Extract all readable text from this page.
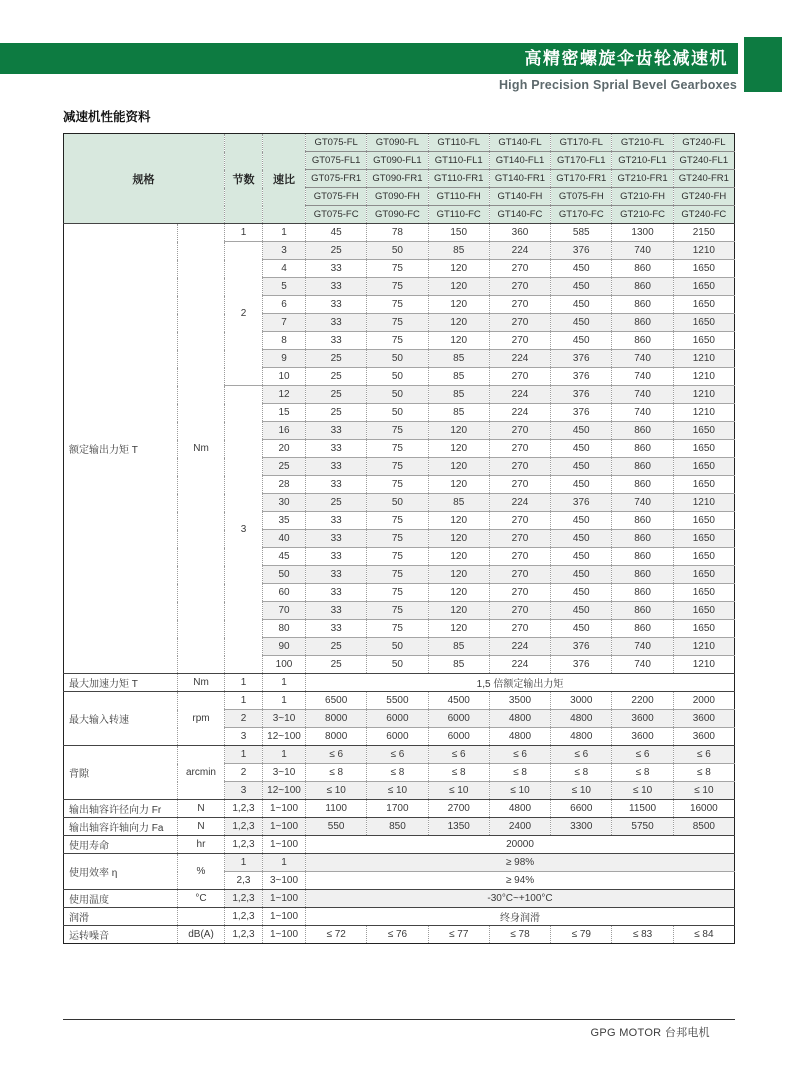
高精密螺旋伞齿轮减速机
High Precision Sprial Bevel Gearboxes
减速机性能资料
规格		节数	速比	GT075-FL	GT090-FL	GT110-FL	GT140-FL	GT170-FL	GT210-FL	GT240-FL
				GT075-FL1	GT090-FL1	GT110-FL1	GT140-FL1	GT170-FL1	GT210-FL1	GT240-FL1
				GT075-FR1	GT090-FR1	GT110-FR1	GT140-FR1	GT170-FR1	GT210-FR1	GT240-FR1
				GT075-FH	GT090-FH	GT110-FH	GT140-FH	GT075-FH	GT210-FH	GT240-FH
				GT075-FC	GT090-FC	GT110-FC	GT140-FC	GT170-FC	GT210-FC	GT240-FC
额定输出力矩 T	Nm	1	1	45	78	150	360	585	1300	2150
		2	3	25	50	85	224	376	740	1210
			4	33	75	120	270	450	860	1650
			5	33	75	120	270	450	860	1650
			6	33	75	120	270	450	860	1650
			7	33	75	120	270	450	860	1650
			8	33	75	120	270	450	860	1650
			9	25	50	85	224	376	740	1210
			10	25	50	85	270	376	740	1210
		3	12	25	50	85	224	376	740	1210
			15	25	50	85	224	376	740	1210
			16	33	75	120	270	450	860	1650
			20	33	75	120	270	450	860	1650
			25	33	75	120	270	450	860	1650
			28	33	75	120	270	450	860	1650
			30	25	50	85	224	376	740	1210
			35	33	75	120	270	450	860	1650
			40	33	75	120	270	450	860	1650
			45	33	75	120	270	450	860	1650
			50	33	75	120	270	450	860	1650
			60	33	75	120	270	450	860	1650
			70	33	75	120	270	450	860	1650
			80	33	75	120	270	450	860	1650
			90	25	50	85	224	376	740	1210
			100	25	50	85	224	376	740	1210
最大加速力矩 T	Nm	1	1	1,5 倍额定输出力矩						
最大输入转速	rpm	1	1	6500	5500	4500	3500	3000	2200	2000
		2	3~10	8000	6000	6000	4800	4800	3600	3600
		3	12~100	8000	6000	6000	4800	4800	3600	3600
背隙	arcmin	1	1	≤ 6	≤ 6	≤ 6	≤ 6	≤ 6	≤ 6	≤ 6
		2	3~10	≤ 8	≤ 8	≤ 8	≤ 8	≤ 8	≤ 8	≤ 8
		3	12~100	≤ 10	≤ 10	≤ 10	≤ 10	≤ 10	≤ 10	≤ 10
输出轴容许径向力 Fr	N	1,2,3	1~100	1100	1700	2700	4800	6600	11500	16000
输出轴容许轴向力 Fa	N	1,2,3	1~100	550	850	1350	2400	3300	5750	8500
使用寿命	hr	1,2,3	1~100	20000						
使用效率 η	%	1	1	≥ 98%						
		2,3	3~100	≥ 94%						
使用温度	°C	1,2,3	1~100	-30°C~+100°C						
润滑		1,2,3	1~100	终身润滑						
运转噪音	dB(A)	1,2,3	1~100	≤ 72	≤ 76	≤ 77	≤ 78	≤ 79	≤ 83	≤ 84
GPG MOTOR 台邦电机
